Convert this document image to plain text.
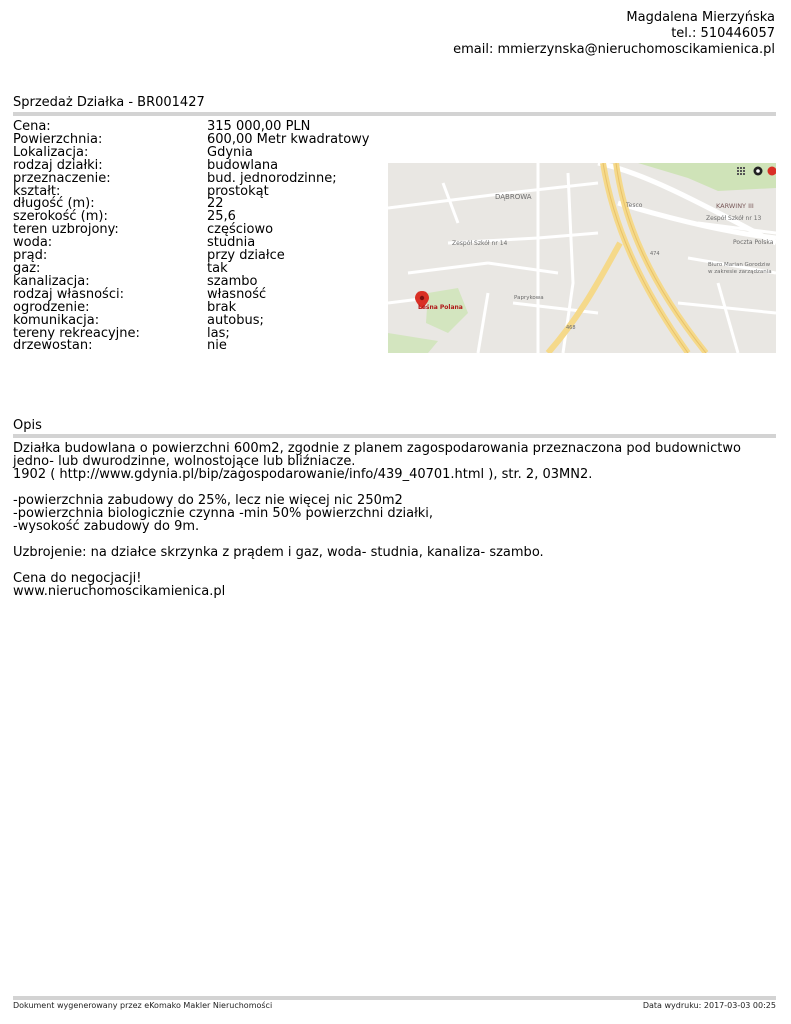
Magdalena Mierzyńska
tel.: 510446057
email: mmierzynska@nieruchomoscikamienica.pl
Sprzedaż Działka - BR001427
Cena:	315 000,00 PLN
Powierzchnia:	600,00 Metr kwadratowy
Lokalizacja:	Gdynia
rodzaj działki:	budowlana
przeznaczenie:	bud. jednorodzinne;
kształt:	prostokąt
długość (m):	22
szerokość (m):	25,6
teren uzbrojony:	częściowo
woda:	studnia
prąd:	przy działce
gaz:	tak
kanalizacja:	szambo
rodzaj własności:	własność
ogrodzenie:	brak
komunikacja:	autobus;
tereny rekreacyjne:	las;
drzewostan:	nie
DĄBROWA
KARWINY III
Tesco
Zespół Szkół nr 14
Zespół Szkół nr 13
Poczta Polska
Biuro Marian Gorodziw
w zakresie zarządzania
Paprykowa
474
468
Leśna Polana
Opis

Działka budowlana o powierzchni 600m2, zgodnie z planem zagospodarowania przeznaczona pod budownictwo

jedno- lub dwurodzinne, wolnostojące lub bliźniacze.

1902 ( http://www.gdynia.pl/bip/zagospodarowanie/info/439_40701.html ), str. 2, 03MN2.

-powierzchnia zabudowy do 25%, lecz nie więcej nic 250m2

-powierzchnia biologicznie czynna -min 50% powierzchni działki,

-wysokość zabudowy do 9m.

Uzbrojenie: na działce skrzynka z prądem i gaz, woda- studnia, kanaliza- szambo.

Cena do negocjacji!

www.nieruchomoscikamienica.pl

Dokument wygenerowany przez eKomako Makler Nieruchomości	Data wydruku: 2017-03-03 00:25
